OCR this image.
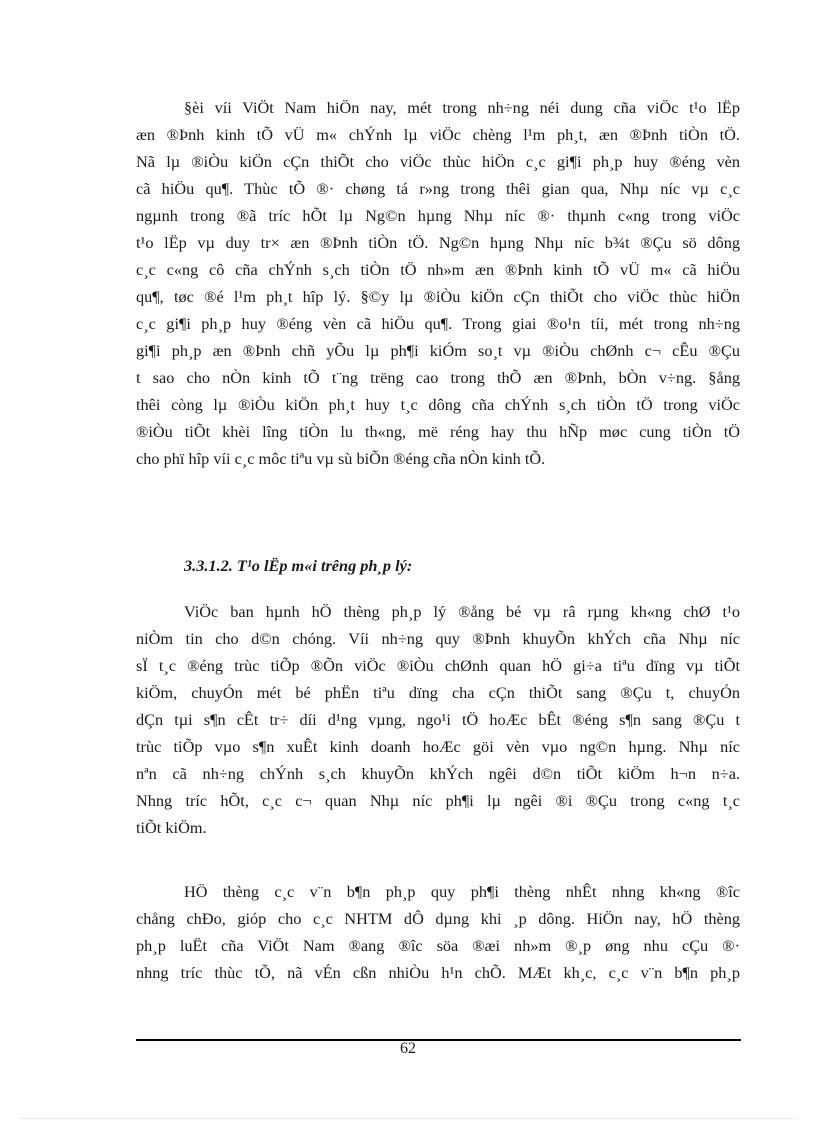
§èi víi ViÖt Nam hiÖn nay, mét trong nh÷ng néi dung cña viÖc t¹o lËp
æn ®Þnh kinh tÕ vÜ m« chÝnh lµ viÖc chèng l¹m ph¸t, æn ®Þnh tiÒn tÖ.
Nã lµ ®iÒu kiÖn cÇn thiÕt cho viÖc thùc hiÖn c¸c gi¶i ph¸p huy ®éng vèn
cã hiÖu qu¶. Thùc tÕ ®· chøng tá r»ng trong thêi gian qua, Nhµ níc vµ c¸c
ngµnh trong ®ã tríc hÕt lµ Ng©n hµng Nhµ níc ®· thµnh c«ng trong viÖc
t¹o lËp vµ duy tr× æn ®Þnh tiÒn tÖ. Ng©n hµng Nhµ níc b¾t ®Çu sö dông
c¸c c«ng cô cña chÝnh s¸ch tiÒn tÖ nh»m æn ®Þnh kinh tÕ vÜ m« cã hiÖu
qu¶, tøc ®é l¹m ph¸t hîp lý. §©y lµ ®iÒu kiÖn cÇn thiÕt cho viÖc thùc hiÖn
c¸c gi¶i ph¸p huy ®éng vèn cã hiÖu qu¶. Trong giai ®o¹n tíi, mét trong nh÷ng
gi¶i ph¸p æn ®Þnh chñ yÕu lµ ph¶i kiÓm so¸t vµ ®iÒu chØnh c¬ cÊu ®Çu
t sao cho nÒn kinh tÕ t¨ng trëng cao trong thÕ æn ®Þnh, bÒn v÷ng. §ång
thêi còng lµ ®iÒu kiÖn ph¸t huy t¸c dông cña chÝnh s¸ch tiÒn tÖ trong viÖc
®iÒu tiÕt khèi lîng tiÒn lu th«ng, më réng hay thu hÑp møc cung tiÒn tÖ
cho phï hîp víi c¸c môc tiªu vµ sù biÕn ®éng cña nÒn kinh tÕ.
3.3.1.2. T¹o lËp m«i trêng ph¸p lý:
ViÖc ban hµnh hÖ thèng ph¸p lý ®ång bé vµ râ rµng kh«ng chØ t¹o
niÒm tin cho d©n chóng. Víi nh÷ng quy ®Þnh khuyÕn khÝch cña Nhµ níc
sÏ t¸c ®éng trùc tiÕp ®Õn viÖc ®iÒu chØnh quan hÖ gi÷a tiªu dïng vµ tiÕt
kiÖm, chuyÓn mét bé phËn tiªu dïng cha cÇn thiÕt sang ®Çu t, chuyÓn
dÇn tµi s¶n cÊt tr÷ díi d¹ng vµng, ngo¹i tÖ hoÆc bÊt ®éng s¶n sang ®Çu t
trùc tiÕp vµo s¶n xuÊt kinh doanh hoÆc göi vèn vµo ng©n hµng. Nhµ níc
nªn cã nh÷ng chÝnh s¸ch khuyÕn khÝch ngêi d©n tiÕt kiÖm h¬n n÷a.
Nhng tríc hÕt, c¸c c¬ quan Nhµ níc ph¶i lµ ngêi ®i ®Çu trong c«ng t¸c
tiÕt kiÖm.
HÖ thèng c¸c v¨n b¶n ph¸p quy ph¶i thèng nhÊt nhng kh«ng ®îc
chång chÐo, gióp cho c¸c NHTM dÔ dµng khi ¸p dông. HiÖn nay, hÖ thèng
ph¸p luËt cña ViÖt Nam ®ang ®îc söa ®æi nh»m ®¸p øng nhu cÇu ®·
nhng tríc thùc tÕ, nã vÉn cßn nhiÒu h¹n chÕ. MÆt kh¸c, c¸c v¨n b¶n ph¸p
62
